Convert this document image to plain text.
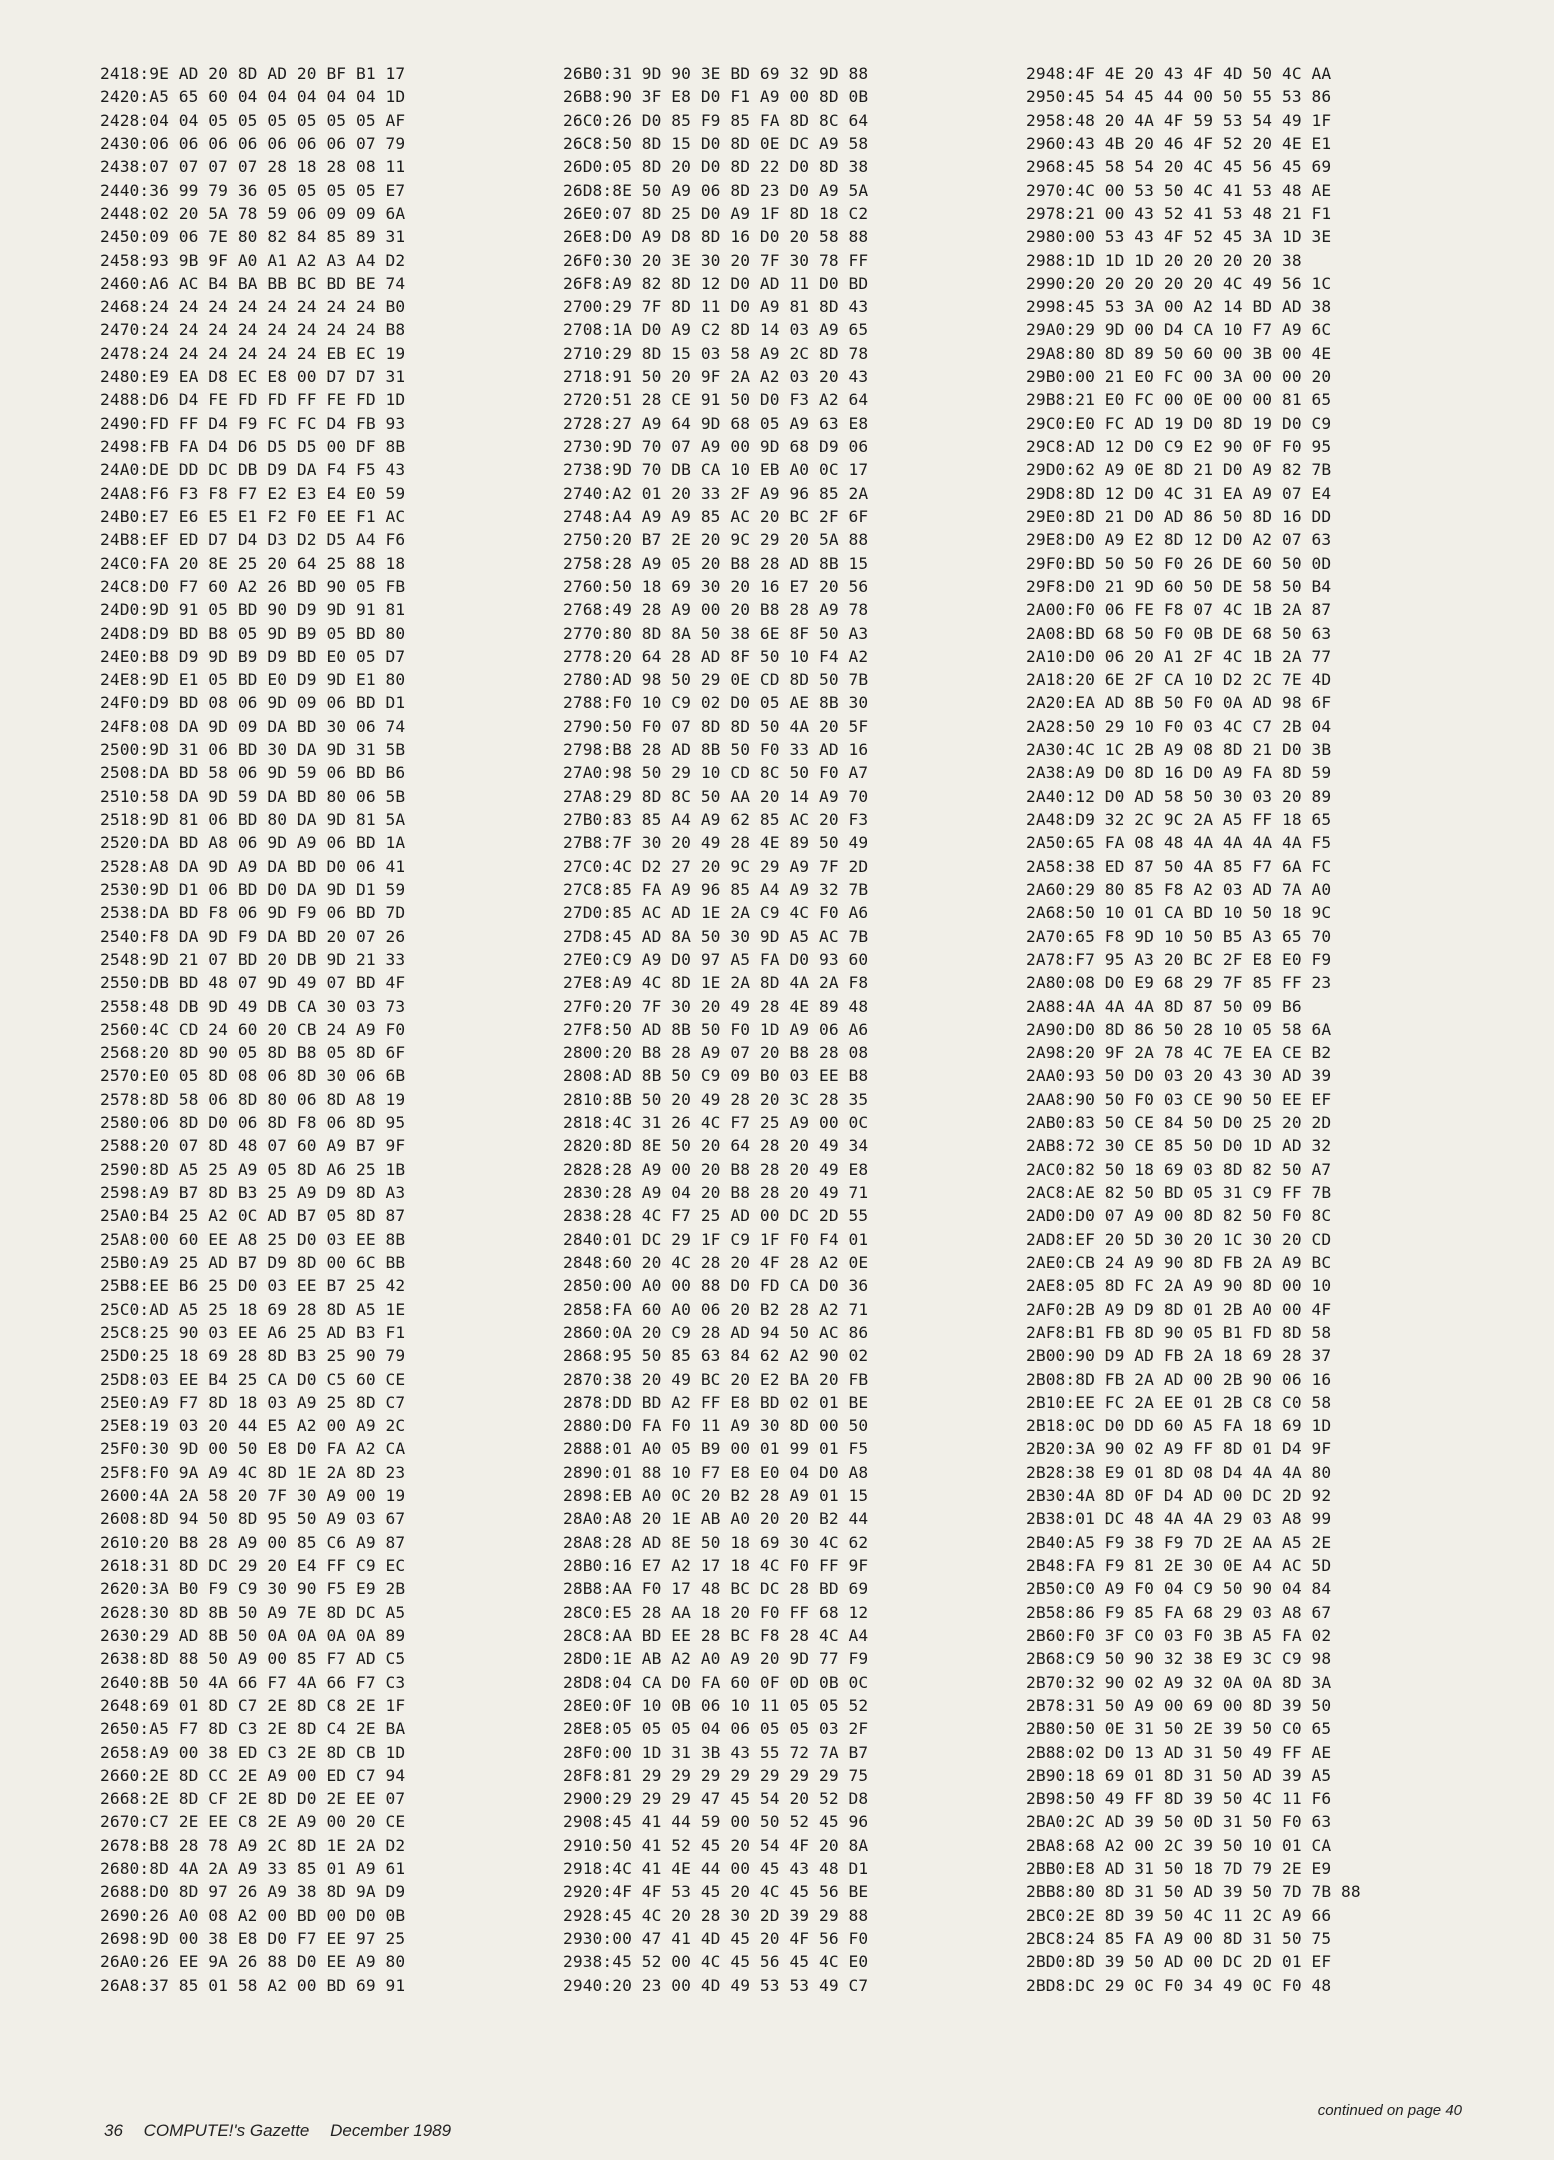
2418:9E AD 20 8D AD 20 BF B1 17
2420:A5 65 60 04 04 04 04 04 1D
2428:04 04 05 05 05 05 05 05 AF
2430:06 06 06 06 06 06 06 07 79
2438:07 07 07 07 28 18 28 08 11
2440:36 99 79 36 05 05 05 05 E7
2448:02 20 5A 78 59 06 09 09 6A
2450:09 06 7E 80 82 84 85 89 31
2458:93 9B 9F A0 A1 A2 A3 A4 D2
2460:A6 AC B4 BA BB BC BD BE 74
2468:24 24 24 24 24 24 24 24 B0
2470:24 24 24 24 24 24 24 24 B8
2478:24 24 24 24 24 24 EB EC 19
2480:E9 EA D8 EC E8 00 D7 D7 31
2488:D6 D4 FE FD FD FF FE FD 1D
2490:FD FF D4 F9 FC FC D4 FB 93
2498:FB FA D4 D6 D5 D5 00 DF 8B
24A0:DE DD DC DB D9 DA F4 F5 43
24A8:F6 F3 F8 F7 E2 E3 E4 E0 59
24B0:E7 E6 E5 E1 F2 F0 EE F1 AC
24B8:EF ED D7 D4 D3 D2 D5 A4 F6
24C0:FA 20 8E 25 20 64 25 88 18
24C8:D0 F7 60 A2 26 BD 90 05 FB
24D0:9D 91 05 BD 90 D9 9D 91 81
24D8:D9 BD B8 05 9D B9 05 BD 80
24E0:B8 D9 9D B9 D9 BD E0 05 D7
24E8:9D E1 05 BD E0 D9 9D E1 80
24F0:D9 BD 08 06 9D 09 06 BD D1
24F8:08 DA 9D 09 DA BD 30 06 74
2500:9D 31 06 BD 30 DA 9D 31 5B
2508:DA BD 58 06 9D 59 06 BD B6
2510:58 DA 9D 59 DA BD 80 06 5B
2518:9D 81 06 BD 80 DA 9D 81 5A
2520:DA BD A8 06 9D A9 06 BD 1A
2528:A8 DA 9D A9 DA BD D0 06 41
2530:9D D1 06 BD D0 DA 9D D1 59
2538:DA BD F8 06 9D F9 06 BD 7D
2540:F8 DA 9D F9 DA BD 20 07 26
2548:9D 21 07 BD 20 DB 9D 21 33
2550:DB BD 48 07 9D 49 07 BD 4F
2558:48 DB 9D 49 DB CA 30 03 73
2560:4C CD 24 60 20 CB 24 A9 F0
2568:20 8D 90 05 8D B8 05 8D 6F
2570:E0 05 8D 08 06 8D 30 06 6B
2578:8D 58 06 8D 80 06 8D A8 19
2580:06 8D D0 06 8D F8 06 8D 95
2588:20 07 8D 48 07 60 A9 B7 9F
2590:8D A5 25 A9 05 8D A6 25 1B
2598:A9 B7 8D B3 25 A9 D9 8D A3
25A0:B4 25 A2 0C AD B7 05 8D 87
25A8:00 60 EE A8 25 D0 03 EE 8B
25B0:A9 25 AD B7 D9 8D 00 6C BB
25B8:EE B6 25 D0 03 EE B7 25 42
25C0:AD A5 25 18 69 28 8D A5 1E
25C8:25 90 03 EE A6 25 AD B3 F1
25D0:25 18 69 28 8D B3 25 90 79
25D8:03 EE B4 25 CA D0 C5 60 CE
25E0:A9 F7 8D 18 03 A9 25 8D C7
25E8:19 03 20 44 E5 A2 00 A9 2C
25F0:30 9D 00 50 E8 D0 FA A2 CA
25F8:F0 9A A9 4C 8D 1E 2A 8D 23
2600:4A 2A 58 20 7F 30 A9 00 19
2608:8D 94 50 8D 95 50 A9 03 67
2610:20 B8 28 A9 00 85 C6 A9 87
2618:31 8D DC 29 20 E4 FF C9 EC
2620:3A B0 F9 C9 30 90 F5 E9 2B
2628:30 8D 8B 50 A9 7E 8D DC A5
2630:29 AD 8B 50 0A 0A 0A 0A 89
2638:8D 88 50 A9 00 85 F7 AD C5
2640:8B 50 4A 66 F7 4A 66 F7 C3
2648:69 01 8D C7 2E 8D C8 2E 1F
2650:A5 F7 8D C3 2E 8D C4 2E BA
2658:A9 00 38 ED C3 2E 8D CB 1D
2660:2E 8D CC 2E A9 00 ED C7 94
2668:2E 8D CF 2E 8D D0 2E EE 07
2670:C7 2E EE C8 2E A9 00 20 CE
2678:B8 28 78 A9 2C 8D 1E 2A D2
2680:8D 4A 2A A9 33 85 01 A9 61
2688:D0 8D 97 26 A9 38 8D 9A D9
2690:26 A0 08 A2 00 BD 00 D0 0B
2698:9D 00 38 E8 D0 F7 EE 97 25
26A0:26 EE 9A 26 88 D0 EE A9 80
26A8:37 85 01 58 A2 00 BD 69 91
26B0:31 9D 90 3E BD 69 32 9D 88
26B8:90 3F E8 D0 F1 A9 00 8D 0B
26C0:26 D0 85 F9 85 FA 8D 8C 64
26C8:50 8D 15 D0 8D 0E DC A9 58
26D0:05 8D 20 D0 8D 22 D0 8D 38
26D8:8E 50 A9 06 8D 23 D0 A9 5A
26E0:07 8D 25 D0 A9 1F 8D 18 C2
26E8:D0 A9 D8 8D 16 D0 20 58 88
26F0:30 20 3E 30 20 7F 30 78 FF
26F8:A9 82 8D 12 D0 AD 11 D0 BD
2700:29 7F 8D 11 D0 A9 81 8D 43
2708:1A D0 A9 C2 8D 14 03 A9 65
2710:29 8D 15 03 58 A9 2C 8D 78
2718:91 50 20 9F 2A A2 03 20 43
2720:51 28 CE 91 50 D0 F3 A2 64
2728:27 A9 64 9D 68 05 A9 63 E8
2730:9D 70 07 A9 00 9D 68 D9 06
2738:9D 70 DB CA 10 EB A0 0C 17
2740:A2 01 20 33 2F A9 96 85 2A
2748:A4 A9 A9 85 AC 20 BC 2F 6F
2750:20 B7 2E 20 9C 29 20 5A 88
2758:28 A9 05 20 B8 28 AD 8B 15
2760:50 18 69 30 20 16 E7 20 56
2768:49 28 A9 00 20 B8 28 A9 78
2770:80 8D 8A 50 38 6E 8F 50 A3
2778:20 64 28 AD 8F 50 10 F4 A2
2780:AD 98 50 29 0E CD 8D 50 7B
2788:F0 10 C9 02 D0 05 AE 8B 30
2790:50 F0 07 8D 8D 50 4A 20 5F
2798:B8 28 AD 8B 50 F0 33 AD 16
27A0:98 50 29 10 CD 8C 50 F0 A7
27A8:29 8D 8C 50 AA 20 14 A9 70
27B0:83 85 A4 A9 62 85 AC 20 F3
27B8:7F 30 20 49 28 4E 89 50 49
27C0:4C D2 27 20 9C 29 A9 7F 2D
27C8:85 FA A9 96 85 A4 A9 32 7B
27D0:85 AC AD 1E 2A C9 4C F0 A6
27D8:45 AD 8A 50 30 9D A5 AC 7B
27E0:C9 A9 D0 97 A5 FA D0 93 60
27E8:A9 4C 8D 1E 2A 8D 4A 2A F8
27F0:20 7F 30 20 49 28 4E 89 48
27F8:50 AD 8B 50 F0 1D A9 06 A6
2800:20 B8 28 A9 07 20 B8 28 08
2808:AD 8B 50 C9 09 B0 03 EE B8
2810:8B 50 20 49 28 20 3C 28 35
2818:4C 31 26 4C F7 25 A9 00 0C
2820:8D 8E 50 20 64 28 20 49 34
2828:28 A9 00 20 B8 28 20 49 E8
2830:28 A9 04 20 B8 28 20 49 71
2838:28 4C F7 25 AD 00 DC 2D 55
2840:01 DC 29 1F C9 1F F0 F4 01
2848:60 20 4C 28 20 4F 28 A2 0E
2850:00 A0 00 88 D0 FD CA D0 36
2858:FA 60 A0 06 20 B2 28 A2 71
2860:0A 20 C9 28 AD 94 50 AC 86
2868:95 50 85 63 84 62 A2 90 02
2870:38 20 49 BC 20 E2 BA 20 FB
2878:DD BD A2 FF E8 BD 02 01 BE
2880:D0 FA F0 11 A9 30 8D 00 50
2888:01 A0 05 B9 00 01 99 01 F5
2890:01 88 10 F7 E8 E0 04 D0 A8
2898:EB A0 0C 20 B2 28 A9 01 15
28A0:A8 20 1E AB A0 20 20 B2 44
28A8:28 AD 8E 50 18 69 30 4C 62
28B0:16 E7 A2 17 18 4C F0 FF 9F
28B8:AA F0 17 48 BC DC 28 BD 69
28C0:E5 28 AA 18 20 F0 FF 68 12
28C8:AA BD EE 28 BC F8 28 4C A4
28D0:1E AB A2 A0 A9 20 9D 77 F9
28D8:04 CA D0 FA 60 0F 0D 0B 0C
28E0:0F 10 0B 06 10 11 05 05 52
28E8:05 05 05 04 06 05 05 03 2F
28F0:00 1D 31 3B 43 55 72 7A B7
28F8:81 29 29 29 29 29 29 29 75
2900:29 29 29 47 45 54 20 52 D8
2908:45 41 44 59 00 50 52 45 96
2910:50 41 52 45 20 54 4F 20 8A
2918:4C 41 4E 44 00 45 43 48 D1
2920:4F 4F 53 45 20 4C 45 56 BE
2928:45 4C 20 28 30 2D 39 29 88
2930:00 47 41 4D 45 20 4F 56 F0
2938:45 52 00 4C 45 56 45 4C E0
2940:20 23 00 4D 49 53 53 49 C7
2948:4F 4E 20 43 4F 4D 50 4C AA
2950:45 54 45 44 00 50 55 53 86
2958:48 20 4A 4F 59 53 54 49 1F
2960:43 4B 20 46 4F 52 20 4E E1
2968:45 58 54 20 4C 45 56 45 69
2970:4C 00 53 50 4C 41 53 48 AE
2978:21 00 43 52 41 53 48 21 F1
2980:00 53 43 4F 52 45 3A 1D 3E
2988:1D 1D 1D 20 20 20 20 38
2990:20 20 20 20 20 4C 49 56 1C
2998:45 53 3A 00 A2 14 BD AD 38
29A0:29 9D 00 D4 CA 10 F7 A9 6C
29A8:80 8D 89 50 60 00 3B 00 4E
29B0:00 21 E0 FC 00 3A 00 00 20
29B8:21 E0 FC 00 0E 00 00 81 65
29C0:E0 FC AD 19 D0 8D 19 D0 C9
29C8:AD 12 D0 C9 E2 90 0F F0 95
29D0:62 A9 0E 8D 21 D0 A9 82 7B
29D8:8D 12 D0 4C 31 EA A9 07 E4
29E0:8D 21 D0 AD 86 50 8D 16 DD
29E8:D0 A9 E2 8D 12 D0 A2 07 63
29F0:BD 50 50 F0 26 DE 60 50 0D
29F8:D0 21 9D 60 50 DE 58 50 B4
2A00:F0 06 FE F8 07 4C 1B 2A 87
2A08:BD 68 50 F0 0B DE 68 50 63
2A10:D0 06 20 A1 2F 4C 1B 2A 77
2A18:20 6E 2F CA 10 D2 2C 7E 4D
2A20:EA AD 8B 50 F0 0A AD 98 6F
2A28:50 29 10 F0 03 4C C7 2B 04
2A30:4C 1C 2B A9 08 8D 21 D0 3B
2A38:A9 D0 8D 16 D0 A9 FA 8D 59
2A40:12 D0 AD 58 50 30 03 20 89
2A48:D9 32 2C 9C 2A A5 FF 18 65
2A50:65 FA 08 48 4A 4A 4A 4A F5
2A58:38 ED 87 50 4A 85 F7 6A FC
2A60:29 80 85 F8 A2 03 AD 7A A0
2A68:50 10 01 CA BD 10 50 18 9C
2A70:65 F8 9D 10 50 B5 A3 65 70
2A78:F7 95 A3 20 BC 2F E8 E0 F9
2A80:08 D0 E9 68 29 7F 85 FF 23
2A88:4A 4A 4A 8D 87 50 09 B6
2A90:D0 8D 86 50 28 10 05 58 6A
2A98:20 9F 2A 78 4C 7E EA CE B2
2AA0:93 50 D0 03 20 43 30 AD 39
2AA8:90 50 F0 03 CE 90 50 EE EF
2AB0:83 50 CE 84 50 D0 25 20 2D
2AB8:72 30 CE 85 50 D0 1D AD 32
2AC0:82 50 18 69 03 8D 82 50 A7
2AC8:AE 82 50 BD 05 31 C9 FF 7B
2AD0:D0 07 A9 00 8D 82 50 F0 8C
2AD8:EF 20 5D 30 20 1C 30 20 CD
2AE0:CB 24 A9 90 8D FB 2A A9 BC
2AE8:05 8D FC 2A A9 90 8D 00 10
2AF0:2B A9 D9 8D 01 2B A0 00 4F
2AF8:B1 FB 8D 90 05 B1 FD 8D 58
2B00:90 D9 AD FB 2A 18 69 28 37
2B08:8D FB 2A AD 00 2B 90 06 16
2B10:EE FC 2A EE 01 2B C8 C0 58
2B18:0C D0 DD 60 A5 FA 18 69 1D
2B20:3A 90 02 A9 FF 8D 01 D4 9F
2B28:38 E9 01 8D 08 D4 4A 4A 80
2B30:4A 8D 0F D4 AD 00 DC 2D 92
2B38:01 DC 48 4A 4A 29 03 A8 99
2B40:A5 F9 38 F9 7D 2E AA A5 2E
2B48:FA F9 81 2E 30 0E A4 AC 5D
2B50:C0 A9 F0 04 C9 50 90 04 84
2B58:86 F9 85 FA 68 29 03 A8 67
2B60:F0 3F C0 03 F0 3B A5 FA 02
2B68:C9 50 90 32 38 E9 3C C9 98
2B70:32 90 02 A9 32 0A 0A 8D 3A
2B78:31 50 A9 00 69 00 8D 39 50
2B80:50 0E 31 50 2E 39 50 C0 65
2B88:02 D0 13 AD 31 50 49 FF AE
2B90:18 69 01 8D 31 50 AD 39 A5
2B98:50 49 FF 8D 39 50 4C 11 F6
2BA0:2C AD 39 50 0D 31 50 F0 63
2BA8:68 A2 00 2C 39 50 10 01 CA
2BB0:E8 AD 31 50 18 7D 79 2E E9
2BB8:80 8D 31 50 AD 39 50 7D 7B 88
2BC0:2E 8D 39 50 4C 11 2C A9 66
2BC8:24 85 FA A9 00 8D 31 50 75
2BD0:8D 39 50 AD 00 DC 2D 01 EF
2BD8:DC 29 0C F0 34 49 0C F0 48
continued on page 40
36 COMPUTE!'s Gazette December 1989
